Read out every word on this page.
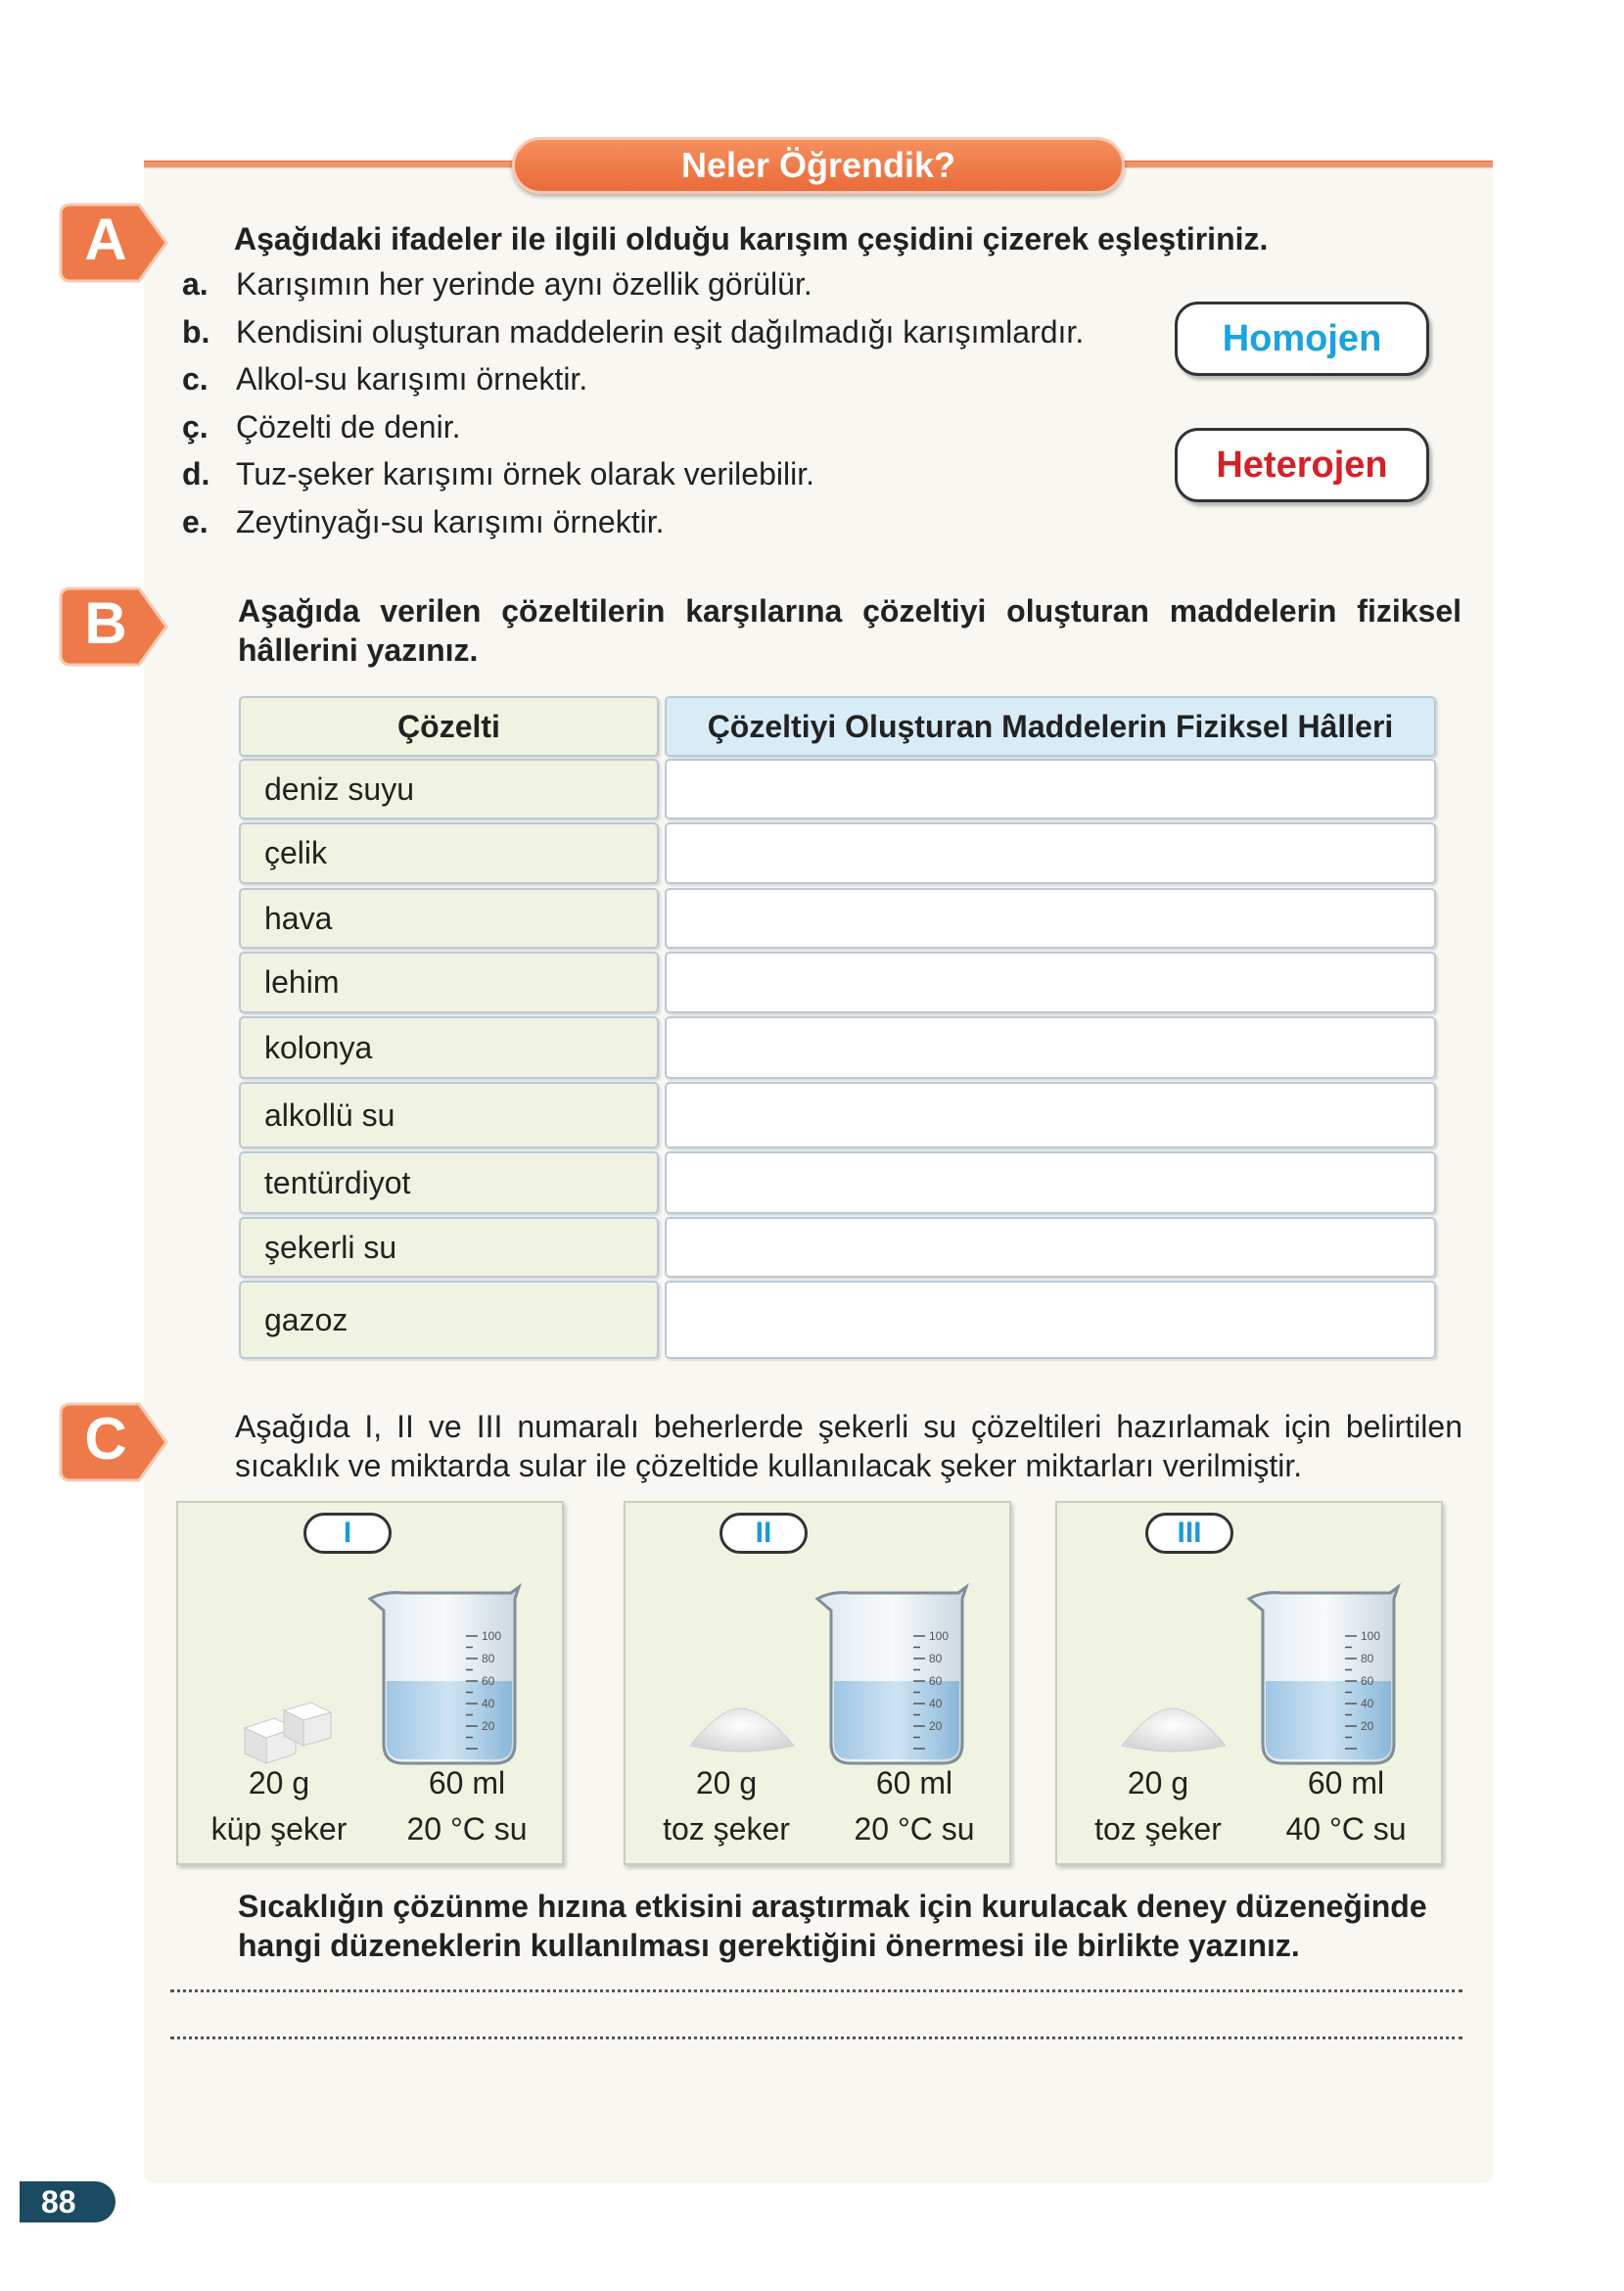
Neler Öğrendik?
A	Aşağıdaki ifadeler ile ilgili olduğu karışım çeşidini çizerek eşleştiriniz.
a. Karışımın her yerinde aynı özellik görülür.
b. Kendisini oluşturan maddelerin eşit dağılmadığı karışımlardır.
c. Alkol-su karışımı örnektir.
ç. Çözelti de denir.
d. Tuz-şeker karışımı örnek olarak verilebilir.
e. Zeytinyağı-su karışımı örnektir.
Homojen
Heterojen
B	Aşağıda verilen çözeltilerin karşılarına çözeltiyi oluşturan maddelerin fiziksel hâllerini yazınız.
Çözelti	Çözeltiyi Oluşturan Maddelerin Fiziksel Hâlleri
deniz suyu
çelik
hava
lehim
kolonya
alkollü su
tentürdiyot
şekerli su
gazoz
C	Aşağıda I, II ve III numaralı beherlerde şekerli su çözeltileri hazırlamak için belirtilen sıcaklık ve miktarda sular ile çözeltide kullanılacak şeker miktarları verilmiştir.
I
100
80
60
40
20
20 g
küp şeker
60 ml
20 °C su
II
100
80
60
40
20
20 g
toz şeker
60 ml
20 °C su
III
100
80
60
40
20
20 g
toz şeker
60 ml
40 °C su
Sıcaklığın çözünme hızına etkisini araştırmak için kurulacak deney düzeneğinde hangi düzeneklerin kullanılması gerektiğini önermesi ile birlikte yazınız.
88
